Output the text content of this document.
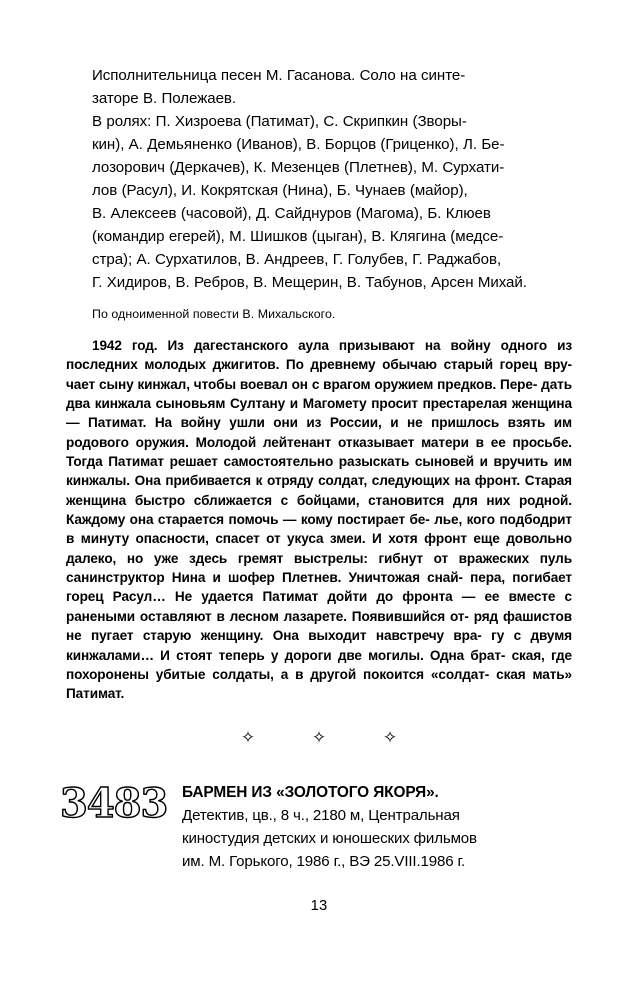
Исполнительница песен М. Гасанова. Соло на синте-
заторе В. Полежаев.

В ролях: П. Хизроева (Патимат), С. Скрипкин (Зворы-
кин), А. Демьяненко (Иванов), В. Борцов (Гриценко), Л. Бе-
лозорович (Деркачев), К. Мезенцев (Плетнев), М. Сурхати-
лов (Расул), И. Кокрятская (Нина), Б. Чунаев (майор),
В. Алексеев (часовой), Д. Сайднуров (Магома), Б. Клюев
(командир егерей), М. Шишков (цыган), В. Клягина (медсе-
стра); А. Сурхатилов, В. Андреев, Г. Голубев, Г. Раджабов,
Г. Хидиров, В. Ребров, В. Мещерин, В. Табунов, Арсен Михай.

По одноименной повести В. Михальского.

1942 год. Из дагестанского аула призывают на войну одного из последних молодых джигитов. По древнему обычаю старый горец вру- чает сыну кинжал, чтобы воевал он с врагом оружием предков. Пере- дать два кинжала сыновьям Султану и Магомету просит престарелая женщина — Патимат. На войну ушли они из России, и не пришлось взять им родового оружия. Молодой лейтенант отказывает матери в ее просьбе. Тогда Патимат решает самостоятельно разыскать сыновей и вручить им кинжалы. Она прибивается к отряду солдат, следующих на фронт. Старая женщина быстро сближается с бойцами, становится для них родной. Каждому она старается помочь — кому постирает бе- лье, кого подбодрит в минуту опасности, спасет от укуса змеи. И хотя фронт еще довольно далеко, но уже здесь гремят выстрелы: гибнут от вражеских пуль санинструктор Нина и шофер Плетнев. Уничтожая снай- пера, погибает горец Расул… Не удается Патимат дойти до фронта — ее вместе с ранеными оставляют в лесном лазарете. Появившийся от- ряд фашистов не пугает старую женщину. Она выходит навстречу вра- гу с двумя кинжалами… И стоят теперь у дороги две могилы. Одна брат- ская, где похоронены убитые солдаты, а в другой покоится «солдат- ская мать» Патимат.

✧ ✧ ✧
3483 БАРМЕН ИЗ «ЗОЛОТОГО ЯКОРЯ».
Детектив, цв., 8 ч., 2180 м, Центральная
киностудия детских и юношеских фильмов
им. М. Горького, 1986 г., ВЭ 25.VIII.1986 г.
13
